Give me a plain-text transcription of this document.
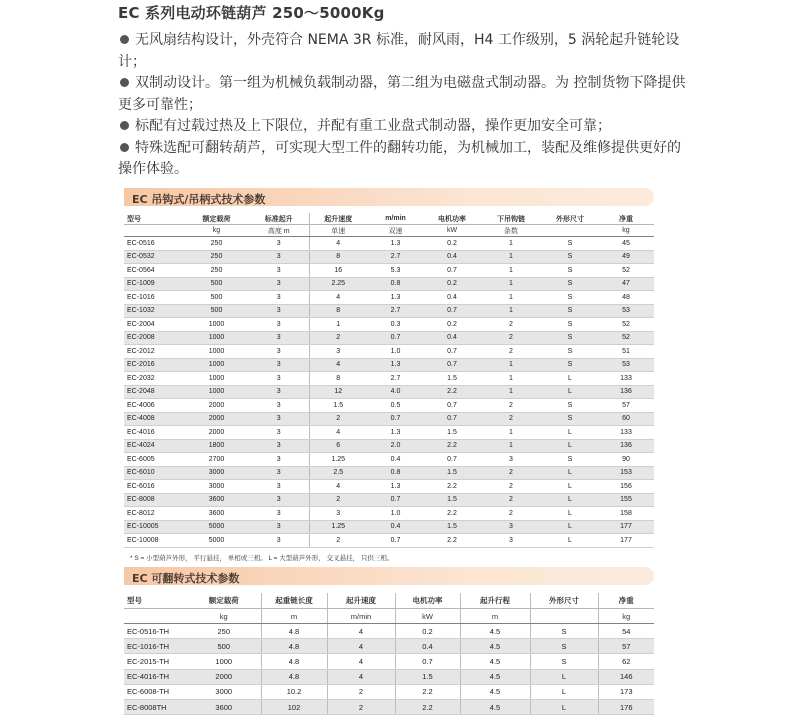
EC 系列电动环链葫芦 250～5000Kg

无风扇结构设计，外壳符合 NEMA 3R 标准，耐风雨，H4 工作级别，5 涡轮起升链轮设计；

双制动设计。第一组为机械负载制动器，第二组为电磁盘式制动器。为 控制货物下降提供更多可靠性；

标配有过载过热及上下限位，并配有重工业盘式制动器，操作更加安全可靠；

特殊选配可翻转葫芦，可实现大型工件的翻转功能，为机械加工，装配及维修提供更好的操作体验。

EC 吊钩式/吊柄式技术参数
型号	额定载荷	标准起升	起升速度	m/min	电机功率	下吊钩链	外形尺寸	净重
	kg	高度 m	单速	双速	kW	条数		kg
EC-0516	250	3	4	1.3	0.2	1	S	45
EC-0532	250	3	8	2.7	0.4	1	S	49
EC-0564	250	3	16	5.3	0.7	1	S	52
EC-1009	500	3	2.25	0.8	0.2	1	S	47
EC-1016	500	3	4	1.3	0.4	1	S	48
EC-1032	500	3	8	2.7	0.7	1	S	53
EC-2004	1000	3	1	0.3	0.2	2	S	52
EC-2008	1000	3	2	0.7	0.4	2	S	52
EC-2012	1000	3	3	1.0	0.7	2	S	51
EC-2016	1000	3	4	1.3	0.7	1	S	53
EC-2032	1000	3	8	2.7	1.5	1	L	133
EC-2048	1000	3	12	4.0	2.2	1	L	136
EC-4006	2000	3	1.5	0.5	0.7	2	S	57
EC-4008	2000	3	2	0.7	0.7	2	S	60
EC-4016	2000	3	4	1.3	1.5	1	L	133
EC-4024	1800	3	6	2.0	2.2	1	L	136
EC-6005	2700	3	1.25	0.4	0.7	3	S	90
EC-6010	3000	3	2.5	0.8	1.5	2	L	153
EC-6016	3000	3	4	1.3	2.2	2	L	156
EC-8008	3600	3	2	0.7	1.5	2	L	155
EC-8012	3600	3	3	1.0	2.2	2	L	158
EC-10005	5000	3	1.25	0.4	1.5	3	L	177
EC-10008	5000	3	2	0.7	2.2	3	L	177
* S = 小型葫芦外形， 平行悬挂， 单相或三相。 L = 大型葫芦外形， 交叉悬挂， 只供三相。
EC 可翻转式技术参数
型号	额定载荷	起重链长度	起升速度	电机功率	起升行程	外形尺寸	净重
	kg	m	m/min	kW	m		kg
EC-0516-TH	250	4.8	4	0.2	4.5	S	54
EC-1016-TH	500	4.8	4	0.4	4.5	S	57
EC-2015-TH	1000	4.8	4	0.7	4.5	S	62
EC-4016-TH	2000	4.8	4	1.5	4.5	L	146
EC-6008-TH	3000	10.2	2	2.2	4.5	L	173
EC-8008TH	3600	102	2	2.2	4.5	L	176
